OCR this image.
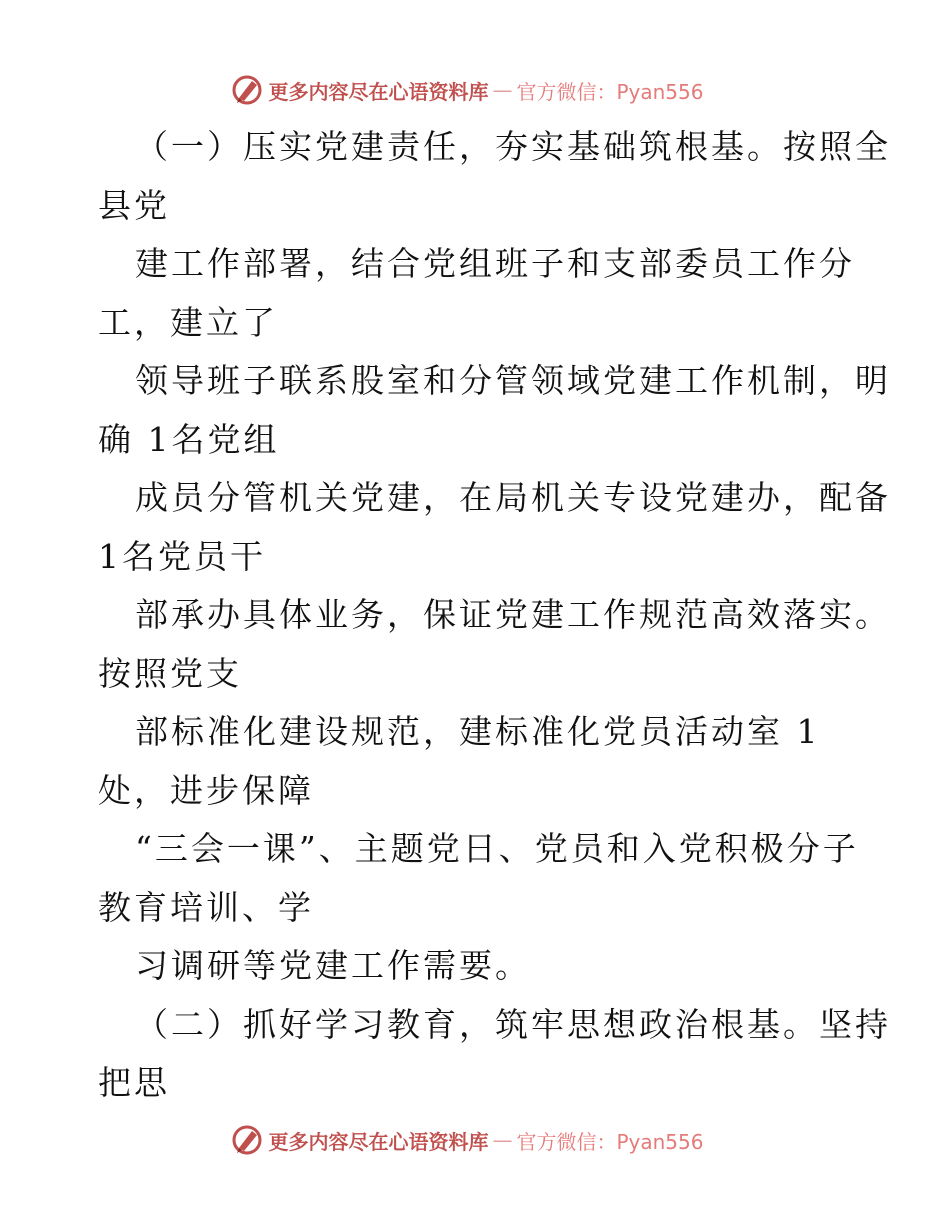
更多内容尽在心语资料库 — 官方微信：Pyan556
（一）压实党建责任，夯实基础筑根基。按照全
县党
建工作部署，结合党组班子和支部委员工作分
工，建立了
领导班子联系股室和分管领域党建工作机制，明
确 1名党组
成员分管机关党建，在局机关专设党建办，配备
1名党员干
部承办具体业务，保证党建工作规范高效落实。
按照党支
部标准化建设规范，建标准化党员活动室 1
处，进步保障
“三会一课”、主题党日、党员和入党积极分子
教育培训、学
习调研等党建工作需要。
（二）抓好学习教育，筑牢思想政治根基。坚持
把思
更多内容尽在心语资料库 — 官方微信：Pyan556
